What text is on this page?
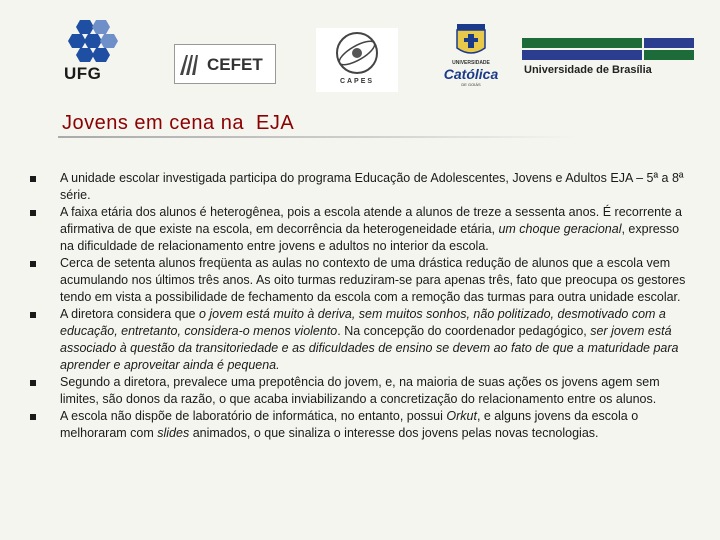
UFG	CEFET
CAPES
UNIVERSIDADE
Católica
DE GOIÁS
Universidade de Brasília
Jovens em cena na  EJA
A unidade escolar investigada participa do programa Educação de Adolescentes, Jovens e Adultos EJA – 5ª a 8ª série.
A faixa etária dos alunos é heterogênea, pois a escola atende a alunos de treze a sessenta anos. É recorrente a afirmativa de que existe na escola, em decorrência da heterogeneidade etária, um choque geracional, expresso na dificuldade de relacionamento entre jovens e adultos no interior da escola.
Cerca de setenta alunos freqüenta as aulas no contexto de uma drástica redução de alunos que a escola vem acumulando nos últimos três anos. As oito turmas reduziram-se para apenas três, fato que preocupa os gestores tendo em vista a possibilidade de fechamento da escola com a remoção das turmas para outra unidade escolar.
A diretora considera que o jovem está muito à deriva, sem muitos sonhos, não politizado, desmotivado com a educação, entretanto, considera-o menos violento. Na concepção do coordenador pedagógico, ser jovem está associado à questão da transitoriedade e as dificuldades de ensino se devem ao fato de que a maturidade para aprender e aproveitar ainda é pequena.
Segundo a diretora, prevalece uma prepotência do jovem, e, na maioria de suas ações os jovens agem sem limites, são donos da razão, o que acaba inviabilizando a concretização do relacionamento entre os alunos.
A escola não dispõe de laboratório de informática, no entanto, possui Orkut, e alguns jovens da escola o melhoraram com slides animados, o que sinaliza o interesse dos jovens pelas novas tecnologias.
